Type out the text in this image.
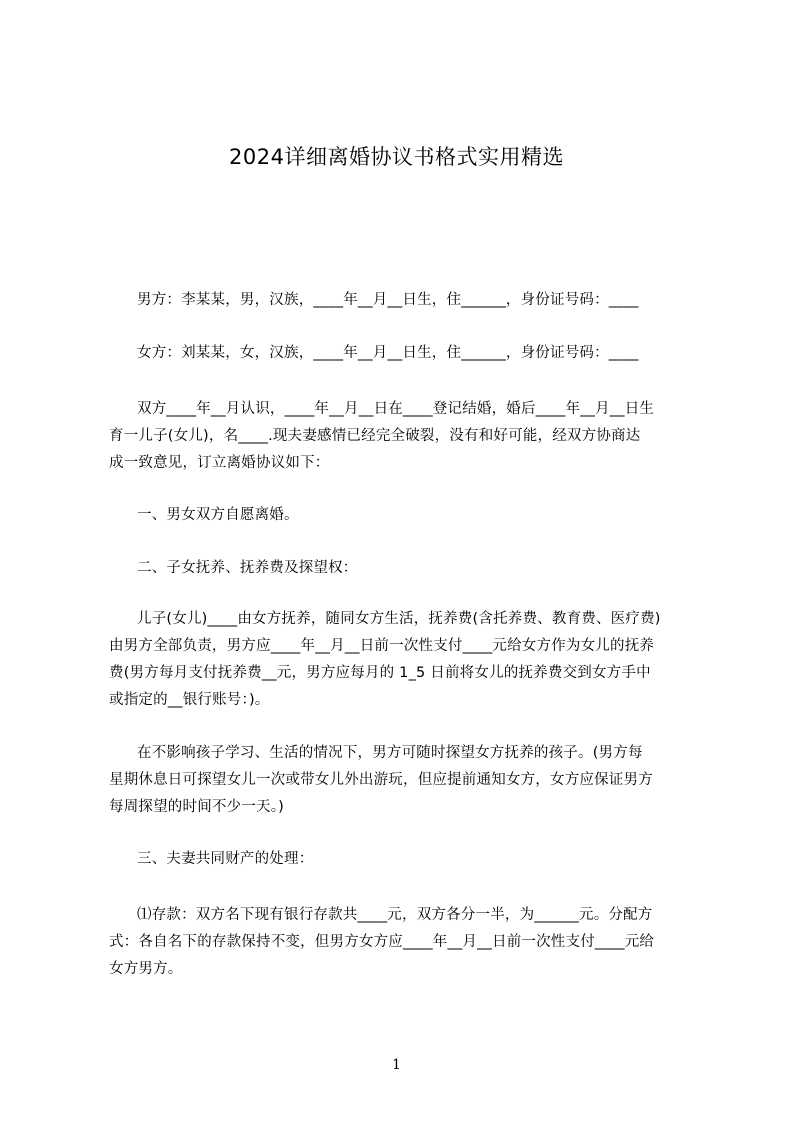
2024详细离婚协议书格式实用精选
男方：李某某，男，汉族，____年__月__日生，住______，身份证号码：____
女方：刘某某，女，汉族，____年__月__日生，住______，身份证号码：____
双方____年__月认识，____年__月__日在____登记结婚，婚后____年__月__日生
育一儿子(女儿)，名____.现夫妻感情已经完全破裂，没有和好可能，经双方协商达
成一致意见，订立离婚协议如下：
一、男女双方自愿离婚。
二、子女抚养、抚养费及探望权：
儿子(女儿)____由女方抚养，随同女方生活，抚养费(含托养费、教育费、医疗费)
由男方全部负责，男方应____年__月__日前一次性支付____元给女方作为女儿的抚养
费(男方每月支付抚养费__元，男方应每月的 1_5 日前将女儿的抚养费交到女方手中
或指定的__银行账号：)。
在不影响孩子学习、生活的情况下，男方可随时探望女方抚养的孩子。(男方每
星期休息日可探望女儿一次或带女儿外出游玩，但应提前通知女方，女方应保证男方
每周探望的时间不少一天。)
三、夫妻共同财产的处理：
⑴存款：双方名下现有银行存款共____元，双方各分一半，为______元。分配方
式：各自名下的存款保持不变，但男方女方应____年__月__日前一次性支付____元给
女方男方。
1
